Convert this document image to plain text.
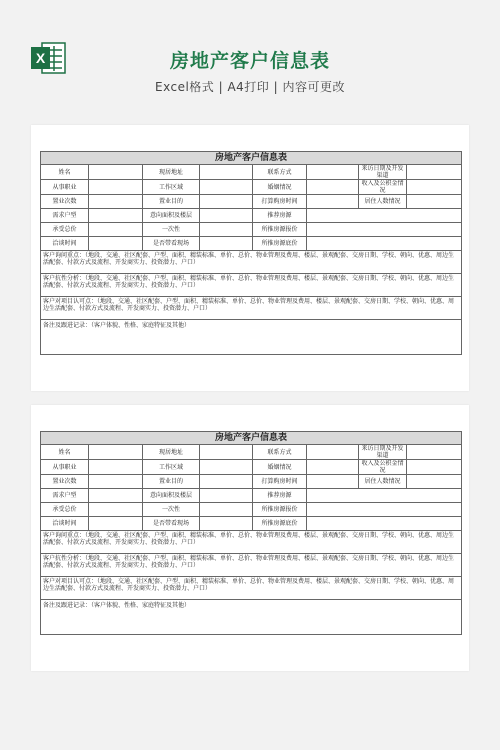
X	房地产客户信息表
Excel格式 | A4打印 | 内容可更改
房地产客户信息表							
姓名		现居地址		联系方式		来访日期及开发渠道	
从事职业		工作区域		婚姻情况		收入及公积金情况	
置业次数		置业目的		打算购房时间		居住人数情况	
需求户型		意向面积及楼层		推荐房源			
承受总价		一次性		所推房源报价			
洽谈时间		是否带看现场		所推房源底价			
客户询问重点：（地段、交通、社区配套、户型、面积、精装标准、单价、总价、物业管理及费用、楼层、景观配套、交房日期、学校、朝向、优惠、周边生活配套、付款方式及流程、开发商实力、投资潜力、户口）							
客户抗性分析：（地段、交通、社区配套、户型、面积、精装标准、单价、总价、物业管理及费用、楼层、景观配套、交房日期、学校、朝向、优惠、周边生活配套、付款方式及流程、开发商实力、投资潜力、户口）							
客户对项目认可点：（地段、交通、社区配套、户型、面积、精装标准、单价、总价、物业管理及费用、楼层、景观配套、交房日期、学校、朝向、优惠、周边生活配套、付款方式及流程、开发商实力、投资潜力、户口）							
备注及跟进记录：（客户体貌、性格、家庭特征及其他）							
房地产客户信息表							
姓名		现居地址		联系方式		来访日期及开发渠道	
从事职业		工作区域		婚姻情况		收入及公积金情况	
置业次数		置业目的		打算购房时间		居住人数情况	
需求户型		意向面积及楼层		推荐房源			
承受总价		一次性		所推房源报价			
洽谈时间		是否带看现场		所推房源底价			
客户询问重点：（地段、交通、社区配套、户型、面积、精装标准、单价、总价、物业管理及费用、楼层、景观配套、交房日期、学校、朝向、优惠、周边生活配套、付款方式及流程、开发商实力、投资潜力、户口）							
客户抗性分析：（地段、交通、社区配套、户型、面积、精装标准、单价、总价、物业管理及费用、楼层、景观配套、交房日期、学校、朝向、优惠、周边生活配套、付款方式及流程、开发商实力、投资潜力、户口）							
客户对项目认可点：（地段、交通、社区配套、户型、面积、精装标准、单价、总价、物业管理及费用、楼层、景观配套、交房日期、学校、朝向、优惠、周边生活配套、付款方式及流程、开发商实力、投资潜力、户口）							
备注及跟进记录：（客户体貌、性格、家庭特征及其他）							
